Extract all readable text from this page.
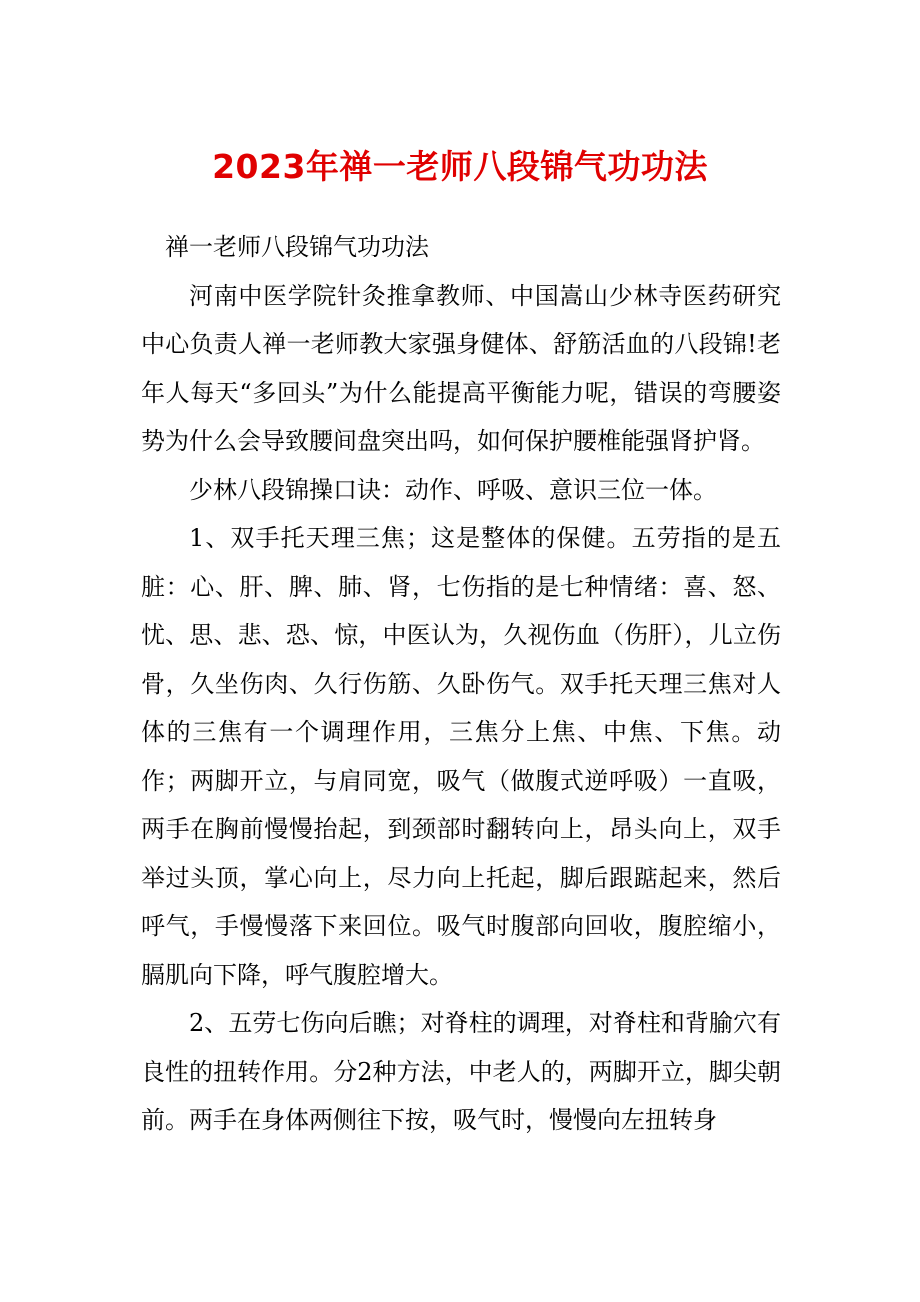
2023年禅一老师八段锦气功功法

禅一老师八段锦气功功法

河南中医学院针灸推拿教师、中国嵩山少林寺医药研究中心负责人禅一老师教大家强身健体、舒筋活血的八段锦!老年人每天“多回头”为什么能提高平衡能力呢，错误的弯腰姿势为什么会导致腰间盘突出吗，如何保护腰椎能强肾护肾。

少林八段锦操口诀：动作、呼吸、意识三位一体。

1、双手托天理三焦；这是整体的保健。五劳指的是五脏：心、肝、脾、肺、肾，七伤指的是七种情绪：喜、怒、忧、思、悲、恐、惊，中医认为，久视伤血（伤肝），儿立伤骨，久坐伤肉、久行伤筋、久卧伤气。双手托天理三焦对人体的三焦有一个调理作用，三焦分上焦、中焦、下焦。动作；两脚开立，与肩同宽，吸气（做腹式逆呼吸）一直吸，两手在胸前慢慢抬起，到颈部时翻转向上，昂头向上，双手举过头顶，掌心向上，尽力向上托起，脚后跟踮起来，然后呼气，手慢慢落下来回位。吸气时腹部向回收，腹腔缩小，膈肌向下降，呼气腹腔增大。

2、五劳七伤向后瞧；对脊柱的调理，对脊柱和背腧穴有良性的扭转作用。分2种方法，中老人的，两脚开立，脚尖朝前。两手在身体两侧往下按，吸气时，慢慢向左扭转身
